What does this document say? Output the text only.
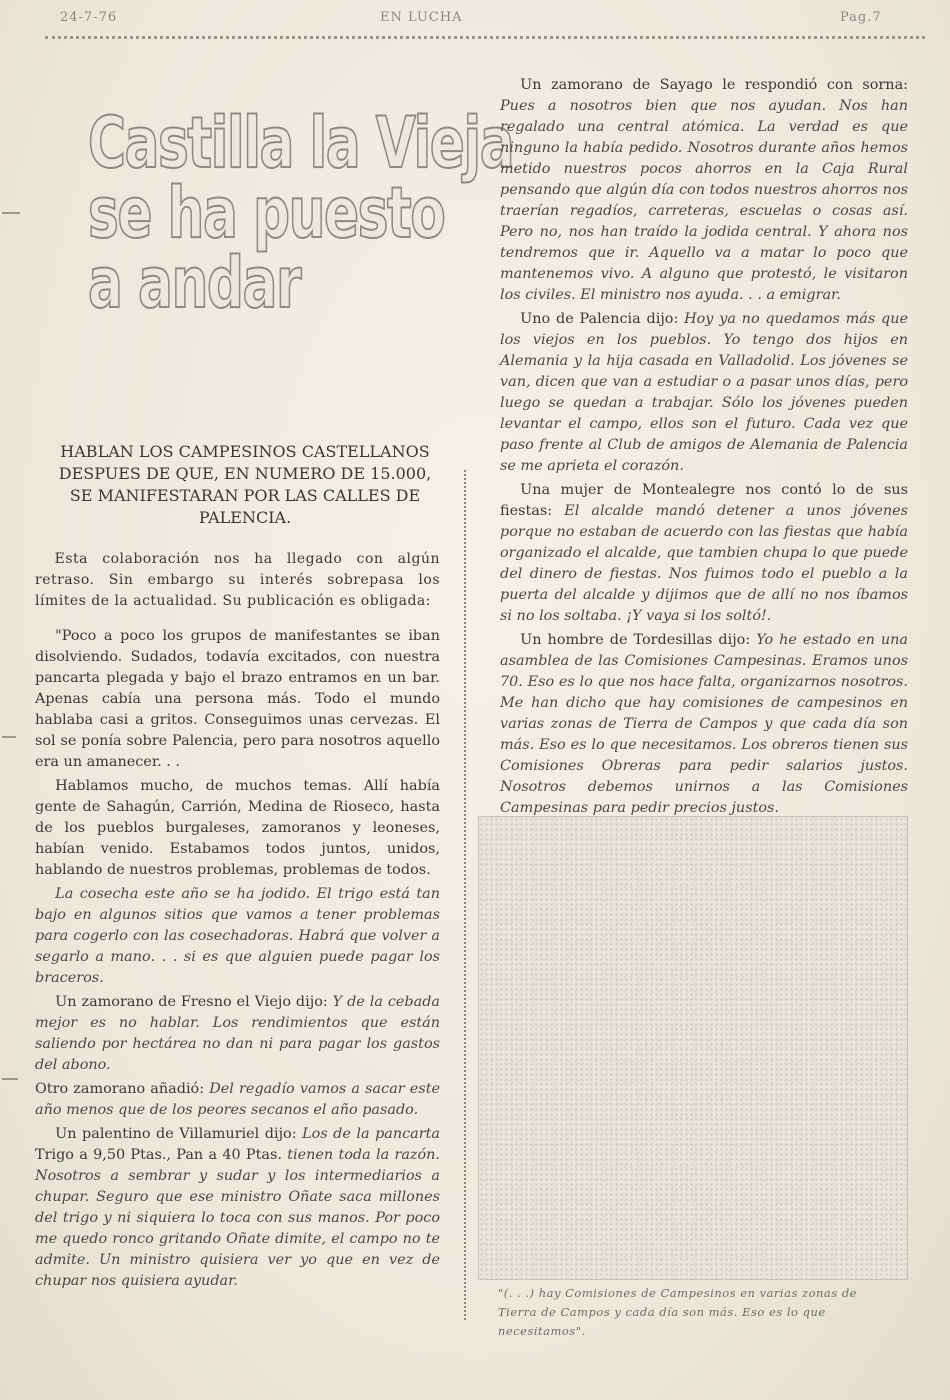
24-7-76	EN LUCHA	Pag.7
Castilla la Vieja
se ha puesto
a andar
HABLAN LOS CAMPESINOS CASTELLANOS DESPUES DE QUE, EN NUMERO DE 15.000, SE MANIFESTARAN POR LAS CALLES DE PALENCIA.

Esta colaboración nos ha llegado con algún retraso. Sin embargo su interés sobrepasa los límites de la actualidad. Su publicación es obligada:

"Poco a poco los grupos de manifestantes se iban disolviendo. Sudados, todavía excitados, con nuestra pancarta plegada y bajo el brazo entramos en un bar. Apenas cabía una persona más. Todo el mundo hablaba casi a gritos. Conseguimos unas cervezas. El sol se ponía sobre Palencia, pero para nosotros aquello era un amanecer. . .

Hablamos mucho, de muchos temas. Allí había gente de Sahagún, Carrión, Medina de Rioseco, hasta de los pueblos burgaleses, zamoranos y leoneses, habían venido. Estabamos todos juntos, unidos, hablando de nuestros problemas, problemas de todos.

La cosecha este año se ha jodido. El trigo está tan bajo en algunos sitios que vamos a tener problemas para cogerlo con las cosechadoras. Habrá que volver a segarlo a mano. . . si es que alguien puede pagar los braceros.

Un zamorano de Fresno el Viejo dijo: Y de la cebada mejor es no hablar. Los rendimientos que están saliendo por hectárea no dan ni para pagar los gastos del abono.

Otro zamorano añadió: Del regadío vamos a sacar este año menos que de los peores secanos el año pasado.

Un palentino de Villamuriel dijo: Los de la pancarta Trigo a 9,50 Ptas., Pan a 40 Ptas. tienen toda la razón. Nosotros a sembrar y sudar y los intermediarios a chupar. Seguro que ese ministro Oñate saca millones del trigo y ni siquiera lo toca con sus manos. Por poco me quedo ronco gritando Oñate dimite, el campo no te admite. Un ministro quisiera ver yo que en vez de chupar nos quisiera ayudar.

Un zamorano de Sayago le respondió con sorna: Pues a nosotros bien que nos ayudan. Nos han regalado una central atómica. La verdad es que ninguno la había pedido. Nosotros durante años hemos metido nuestros pocos ahorros en la Caja Rural pensando que algún día con todos nuestros ahorros nos traerían regadíos, carreteras, escuelas o cosas así. Pero no, nos han traído la jodida central. Y ahora nos tendremos que ir. Aquello va a matar lo poco que mantenemos vivo. A alguno que protestó, le visitaron los civiles. El ministro nos ayuda. . . a emigrar.

Uno de Palencia dijo: Hoy ya no quedamos más que los viejos en los pueblos. Yo tengo dos hijos en Alemania y la hija casada en Valladolid. Los jóvenes se van, dicen que van a estudiar o a pasar unos días, pero luego se quedan a trabajar. Sólo los jóvenes pueden levantar el campo, ellos son el futuro. Cada vez que paso frente al Club de amigos de Alemania de Palencia se me aprieta el corazón.

Una mujer de Montealegre nos contó lo de sus fiestas: El alcalde mandó detener a unos jóvenes porque no estaban de acuerdo con las fiestas que había organizado el alcalde, que tambien chupa lo que puede del dinero de fiestas. Nos fuimos todo el pueblo a la puerta del alcalde y dijimos que de allí no nos íbamos si no los soltaba. ¡Y vaya si los soltó!.

Un hombre de Tordesillas dijo: Yo he estado en una asamblea de las Comisiones Campesinas. Eramos unos 70. Eso es lo que nos hace falta, organizarnos nosotros. Me han dicho que hay comisiones de campesinos en varias zonas de Tierra de Campos y que cada día son más. Eso es lo que necesitamos. Los obreros tienen sus Comisiones Obreras para pedir salarios justos. Nosotros debemos unirnos a las Comisiones Campesinas para pedir precios justos.

"(. . .) hay Comisiones de Campesinos en varias zonas de Tierra de Campos y cada día son más. Eso es lo que necesitamos".
